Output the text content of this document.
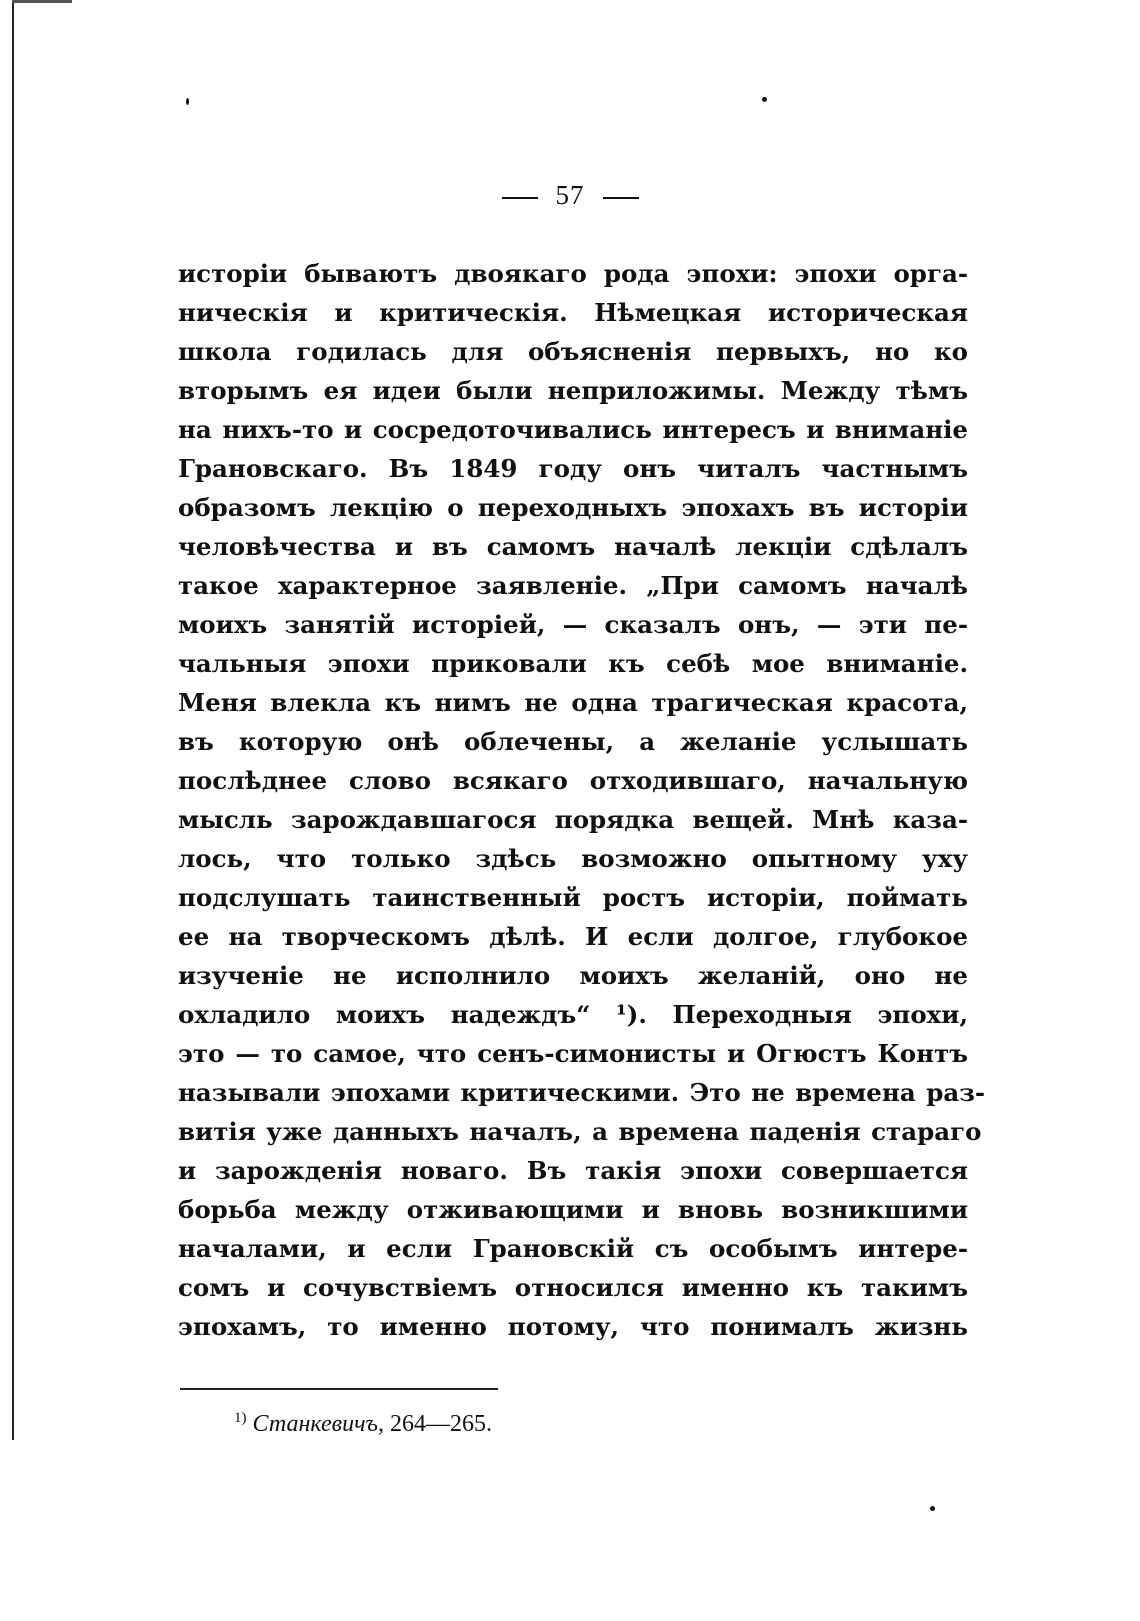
57
исторіи бываютъ двоякаго рода эпохи: эпохи орга-
ническія и критическія. Нѣмецкая историческая
школа годилась для объясненія первыхъ, но ко
вторымъ ея идеи были неприложимы. Между тѣмъ
на нихъ-то и сосредоточивались интересъ и вниманіе
Грановскаго. Въ 1849 году онъ читалъ частнымъ
образомъ лекцію о переходныхъ эпохахъ въ исторіи
человѣчества и въ самомъ началѣ лекціи сдѣлалъ
такое характерное заявленіе. „При самомъ началѣ
моихъ занятій исторіей, — сказалъ онъ, — эти пе-
чальныя эпохи приковали къ себѣ мое вниманіе.
Меня влекла къ нимъ не одна трагическая красота,
въ которую онѣ облечены, а желаніе услышать
послѣднее слово всякаго отходившаго, начальную
мысль зарождавшагося порядка вещей. Мнѣ каза-
лось, что только здѣсь возможно опытному уху
подслушать таинственный ростъ исторіи, поймать
ее на творческомъ дѣлѣ. И если долгое, глубокое
изученіе не исполнило моихъ желаній, оно не
охладило моихъ надеждъ“ ¹). Переходныя эпохи,
это — то самое, что сенъ-симонисты и Огюстъ Контъ
называли эпохами критическими. Это не времена раз-
витія уже данныхъ началъ, а времена паденія стараго
и зарожденія новаго. Въ такія эпохи совершается
борьба между отживающими и вновь возникшими
началами, и если Грановскій съ особымъ интере-
сомъ и сочувствіемъ относился именно къ такимъ
эпохамъ, то именно потому, что понималъ жизнь
$^{1)}$ Станкевичъ, 264—265.
